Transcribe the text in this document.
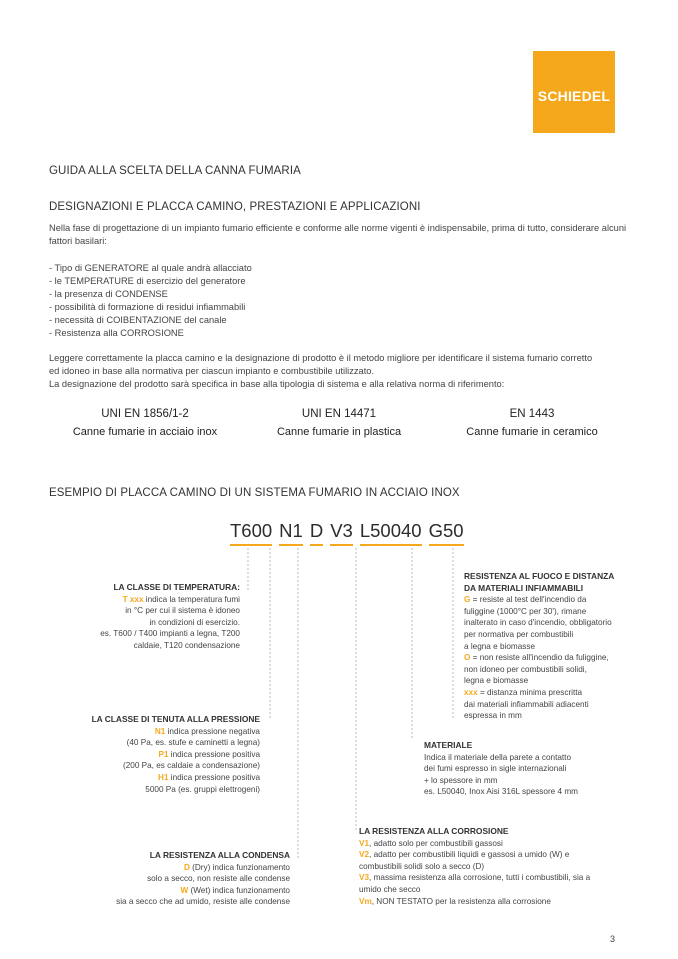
SCHIEDEL
GUIDA ALLA SCELTA DELLA CANNA FUMARIA
DESIGNAZIONI E PLACCA CAMINO, PRESTAZIONI E APPLICAZIONI
Nella fase di progettazione di un impianto fumario efficiente e conforme alle norme vigenti è indispensabile, prima di tutto, considerare alcuni
fattori basilari:
- Tipo di GENERATORE al quale andrà allacciato
- le TEMPERATURE di esercizio del generatore
- la presenza di CONDENSE
- possibilità di formazione di residui infiammabili
- necessità di COIBENTAZIONE del canale
- Resistenza alla CORROSIONE
Leggere correttamente la placca camino e la designazione di prodotto è il metodo migliore per identificare il sistema fumario corretto
ed idoneo in base alla normativa per ciascun impianto e combustibile utilizzato.
La designazione del prodotto sarà specifica in base alla tipologia di sistema e alla relativa norma di riferimento:
UNI EN 1856/1-2
Canne fumarie in acciaio inox
UNI EN 14471
Canne fumarie in plastica
EN 1443
Canne fumarie in ceramico
ESEMPIO DI PLACCA CAMINO DI UN SISTEMA FUMARIO IN ACCIAIO INOX
T600 N1 D V3 L50040 G50
LA CLASSE DI TEMPERATURA:
T xxx indica la temperatura fumi
in °C per cui il sistema è idoneo
in condizioni di esercizio.
es. T600 / T400 impianti a legna, T200
caldaie, T120 condensazione
LA CLASSE DI TENUTA ALLA PRESSIONE
N1 indica pressione negativa
(40 Pa, es. stufe e caminetti a legna)
P1 indica pressione positiva
(200 Pa, es caldaie a condensazione)
H1 indica pressione positiva
5000 Pa (es. gruppi elettrogeni)
LA RESISTENZA ALLA CONDENSA
D (Dry) indica funzionamento
solo a secco, non resiste alle condense
W (Wet) indica funzionamento
sia a secco che ad umido, resiste alle condense
RESISTENZA AL FUOCO E DISTANZA
DA MATERIALI INFIAMMABILI
G = resiste al test dell'incendio da
fuliggine (1000°C per 30'), rimane
inalterato in caso d'incendio, obbligatorio
per normativa per combustibili
a legna e biomasse
O = non resiste all'incendio da fuliggine,
non idoneo per combustibili solidi,
legna e biomasse
xxx = distanza minima prescritta
dai materiali infiammabili adiacenti
espressa in mm
MATERIALE
Indica il materiale della parete a contatto
dei fumi espresso in sigle internazionali
+ lo spessore in mm
es. L50040, Inox Aisi 316L spessore 4 mm
LA RESISTENZA ALLA CORROSIONE
V1, adatto solo per combustibili gassosi
V2, adatto per combustibili liquidi e gassosi a umido (W) e
combustibili solidi solo a secco (D)
V3, massima resistenza alla corrosione, tutti i combustibili, sia a
umido che secco
Vm, NON TESTATO per la resistenza alla corrosione
3
